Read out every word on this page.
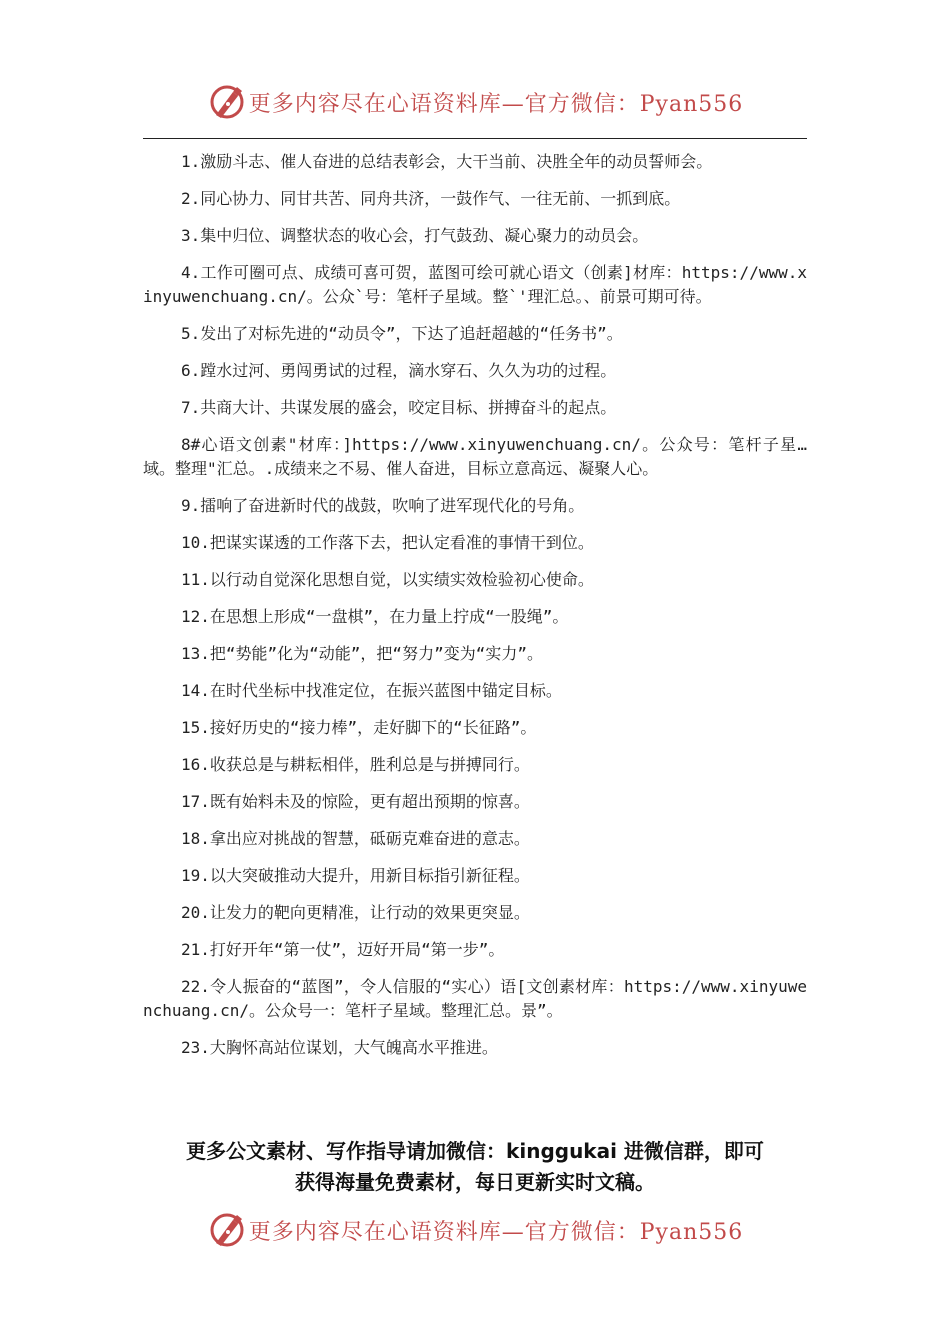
更多内容尽在心语资料库—官方微信：Pyan556

1.激励斗志、催人奋进的总结表彰会，大干当前、决胜全年的动员誓师会。

2.同心协力、同甘共苦、同舟共济，一鼓作气、一往无前、一抓到底。

3.集中归位、调整状态的收心会，打气鼓劲、凝心聚力的动员会。

4.工作可圈可点、成绩可喜可贺，蓝图可绘可就心语文（创素]材库：https://www.xinyuwenchuang.cn/。公众`号：笔杆子星域。整`'理汇总。、前景可期可待。

5.发出了对标先进的“动员令”，下达了追赶超越的“任务书”。

6.蹚水过河、勇闯勇试的过程，滴水穿石、久久为功的过程。

7.共商大计、共谋发展的盛会，咬定目标、拼搏奋斗的起点。

8#心语文创素"材库：]https://www.xinyuwenchuang.cn/。公众号：笔杆子星…域。整理"汇总。.成绩来之不易、催人奋进，目标立意高远、凝聚人心。

9.擂响了奋进新时代的战鼓，吹响了进军现代化的号角。

10.把谋实谋透的工作落下去，把认定看准的事情干到位。

11.以行动自觉深化思想自觉，以实绩实效检验初心使命。

12.在思想上形成“一盘棋”，在力量上拧成“一股绳”。

13.把“势能”化为“动能”，把“努力”变为“实力”。

14.在时代坐标中找准定位，在振兴蓝图中锚定目标。

15.接好历史的“接力棒”，走好脚下的“长征路”。

16.收获总是与耕耘相伴，胜利总是与拼搏同行。

17.既有始料未及的惊险，更有超出预期的惊喜。

18.拿出应对挑战的智慧，砥砺克难奋进的意志。

19.以大突破推动大提升，用新目标指引新征程。

20.让发力的靶向更精准，让行动的效果更突显。

21.打好开年“第一仗”，迈好开局“第一步”。

22.令人振奋的“蓝图”，令人信服的“实心）语[文创素材库：https://www.xinyuwenchuang.cn/。公众号一：笔杆子星域。整理汇总。景”。

23.大胸怀高站位谋划，大气魄高水平推进。

更多公文素材、写作指导请加微信：kinggukai 进微信群，即可
获得海量免费素材，每日更新实时文稿。
更多内容尽在心语资料库—官方微信：Pyan556
